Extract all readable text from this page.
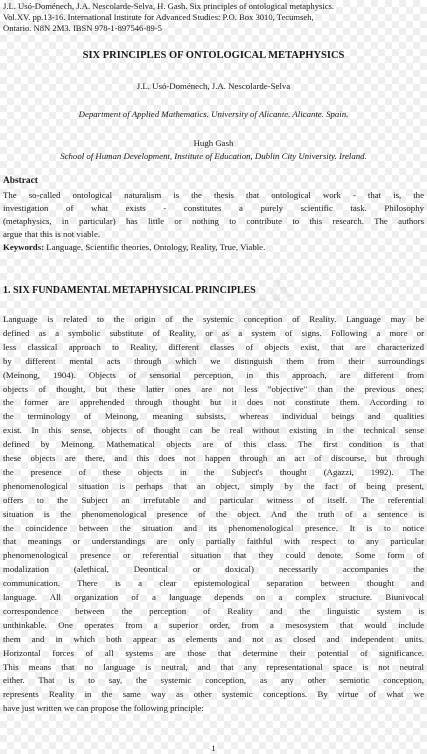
J.L. Usó-Doménech, J.A. Nescolarde-Selva, H. Gash. Six principles of ontological metaphysics.
Vol.XV. pp.13-16. International Institute for Advanced Studies: P.O. Box 3010, Tecumseh,
Ontario. N8N 2M3. IBSN 978-1-897546-89-5
SIX PRINCIPLES OF ONTOLOGICAL METAPHYSICS
J.L. Usó-Doménech, J.A. Nescolarde-Selva
Department of Applied Mathematics. University of Alicante. Alicante. Spain.
Hugh Gash
School of Human Development, Institute of Education, Dublin City University. Ireland.
Abstract
The so-called ontological naturalism is the thesis that ontological work - that is, the
investigation of what exists - constitutes a purely scientific task. Philosophy
(metaphysics, in particular) has little or nothing to contribute to this research. The authors
argue that this is not viable.
Keywords: Language, Scientific theories, Ontology, Reality, True, Viable.
1. SIX FUNDAMENTAL METAPHYSICAL PRINCIPLES
Language is related to the origin of the systemic conception of Reality. Language may be
defined as a symbolic substitute of Reality, or as a system of signs. Following a more or
less classical approach to Reality, different classes of objects exist, that are characterized
by different mental acts through which we distinguish them from their surroundings
(Meinong, 1904). Objects of sensorial perception, in this approach, are different from
objects of thought, but these latter ones are not less "objective" than the previous ones;
the former are apprehended through thought but it does not constitute them. According to
the terminology of Meinong, meaning subsists, whereas individual beings and qualities
exist. In this sense, objects of thought can be real without existing in the technical sense
defined by Meinong. Mathematical objects are of this class. The first condition is that
these objects are there, and this does not happen through an act of discourse, but through
the presence of these objects in the Subject's thought (Agazzi, 1992). The
phenomenological situation is perhaps that an object, simply by the fact of being present,
offers to the Subject an irrefutable and particular witness of itself. The referential
situation is the phenomenological presence of the object. And the truth of a sentence is
the coincidence between the situation and its phenomenological presence. It is to notice
that meanings or understandings are only partially faithful with respect to any particular
phenomenological presence or referential situation that they could denote. Some form of
modalization (alethical, Deontical or doxical) necessarily accompanies the
communication. There is a clear epistemological separation between thought and
language. All organization of a language depends on a complex structure. Biunivocal
correspondence between the perception of Reality and the linguistic system is
unthinkable. One operates from a superior order, from a mesosystem that would include
them and in which both appear as elements and not as closed and independent units.
Horizontal forces of all systems are those that determine their potential of significance.
This means that no language is neutral, and that any representational space is not neutral
either. That is to say, the systemic conception, as any other semiotic conception,
represents Reality in the same way as other systemic conceptions. By virtue of what we
have just written we can propose the following principle:
1
